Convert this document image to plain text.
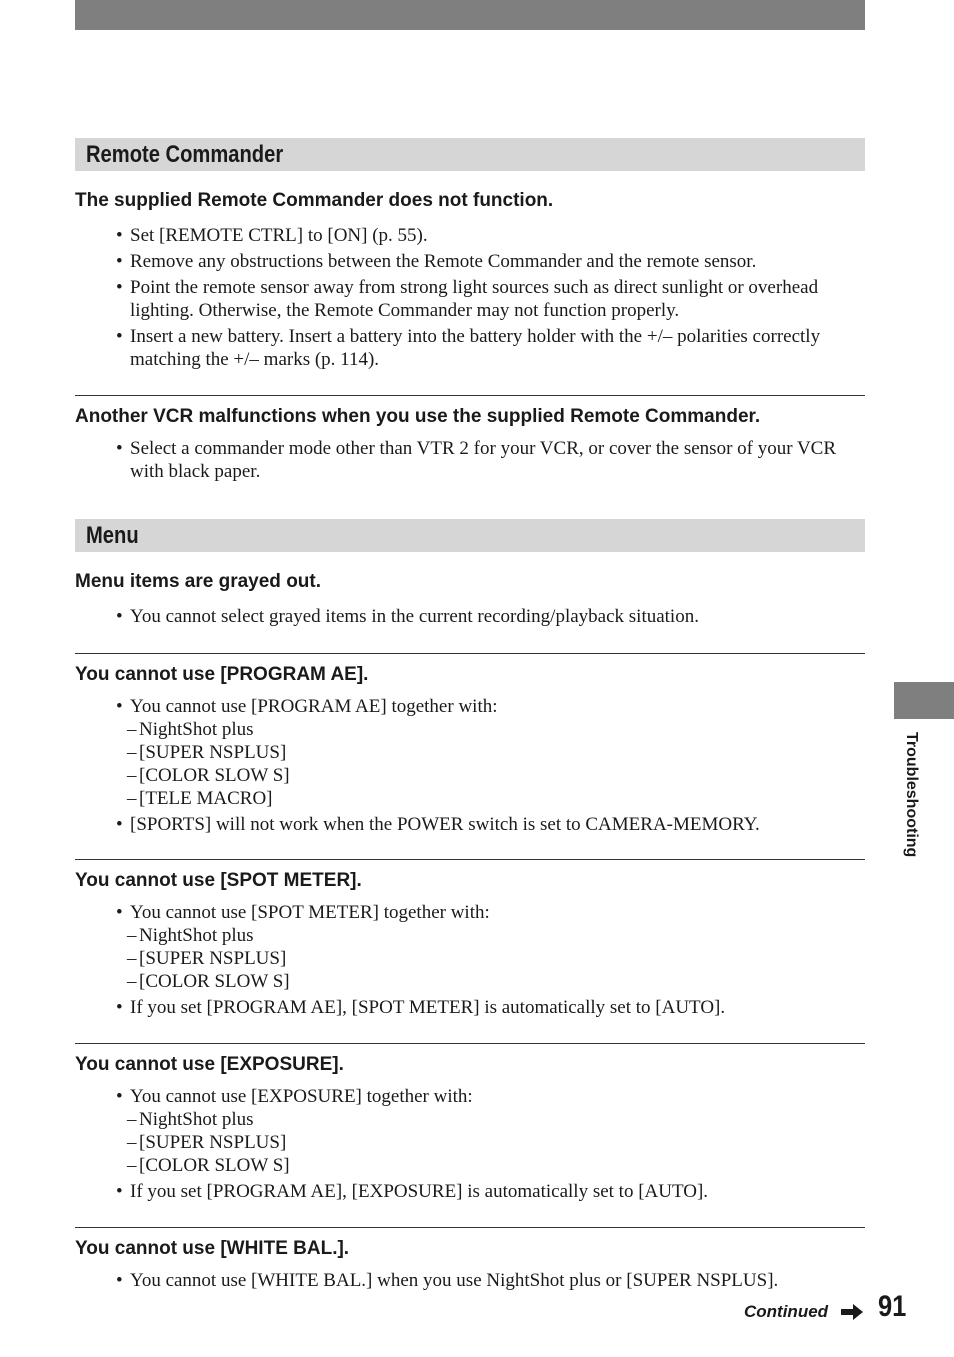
Remote Commander
The supplied Remote Commander does not function.
• Set [REMOTE CTRL] to [ON] (p. 55).
• Remove any obstructions between the Remote Commander and the remote sensor.
• Point the remote sensor away from strong light sources such as direct sunlight or overhead lighting. Otherwise, the Remote Commander may not function properly.
• Insert a new battery. Insert a battery into the battery holder with the +/– polarities correctly matching the +/– marks (p. 114).
Another VCR malfunctions when you use the supplied Remote Commander.
• Select a commander mode other than VTR 2 for your VCR, or cover the sensor of your VCR with black paper.
Menu
Menu items are grayed out.
• You cannot select grayed items in the current recording/playback situation.
You cannot use [PROGRAM AE].
• You cannot use [PROGRAM AE] together with:
– NightShot plus
– [SUPER NSPLUS]
– [COLOR SLOW S]
– [TELE MACRO]
• [SPORTS] will not work when the POWER switch is set to CAMERA-MEMORY.
You cannot use [SPOT METER].
• You cannot use [SPOT METER] together with:
– NightShot plus
– [SUPER NSPLUS]
– [COLOR SLOW S]
• If you set [PROGRAM AE], [SPOT METER] is automatically set to [AUTO].
You cannot use [EXPOSURE].
• You cannot use [EXPOSURE] together with:
– NightShot plus
– [SUPER NSPLUS]
– [COLOR SLOW S]
• If you set [PROGRAM AE], [EXPOSURE] is automatically set to [AUTO].
You cannot use [WHITE BAL.].
• You cannot use [WHITE BAL.] when you use NightShot plus or [SUPER NSPLUS].
Troubleshooting
Continued 91
